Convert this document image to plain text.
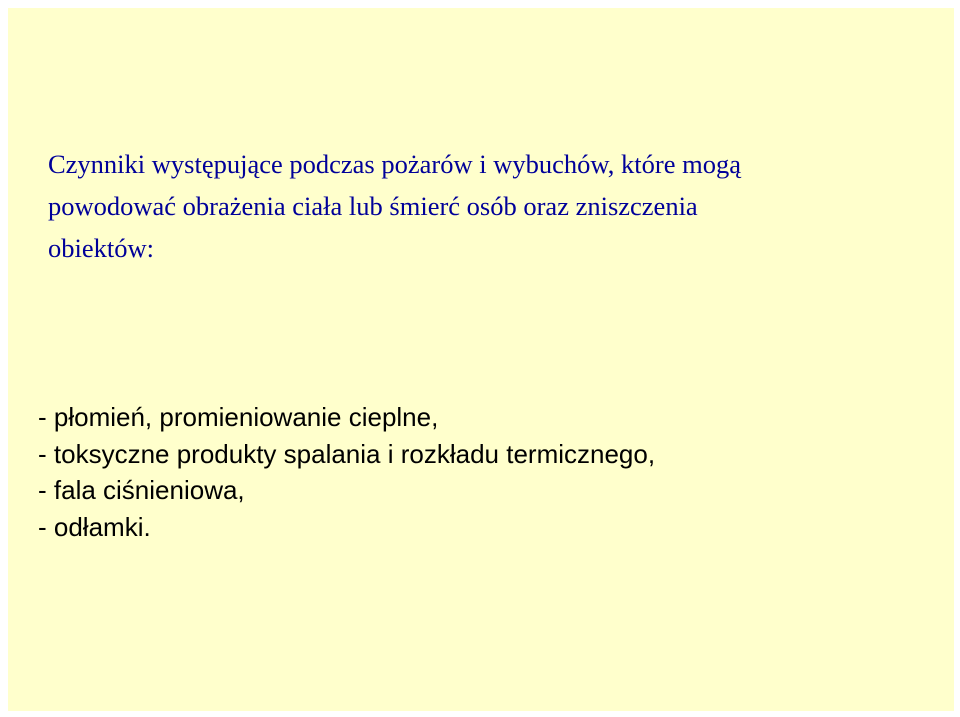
Czynniki występujące podczas pożarów i wybuchów, które mogą
powodować obrażenia ciała lub śmierć osób oraz zniszczenia
obiektów:
- płomień, promieniowanie cieplne,
- toksyczne produkty spalania i rozkładu termicznego,
- fala ciśnieniowa,
- odłamki.
